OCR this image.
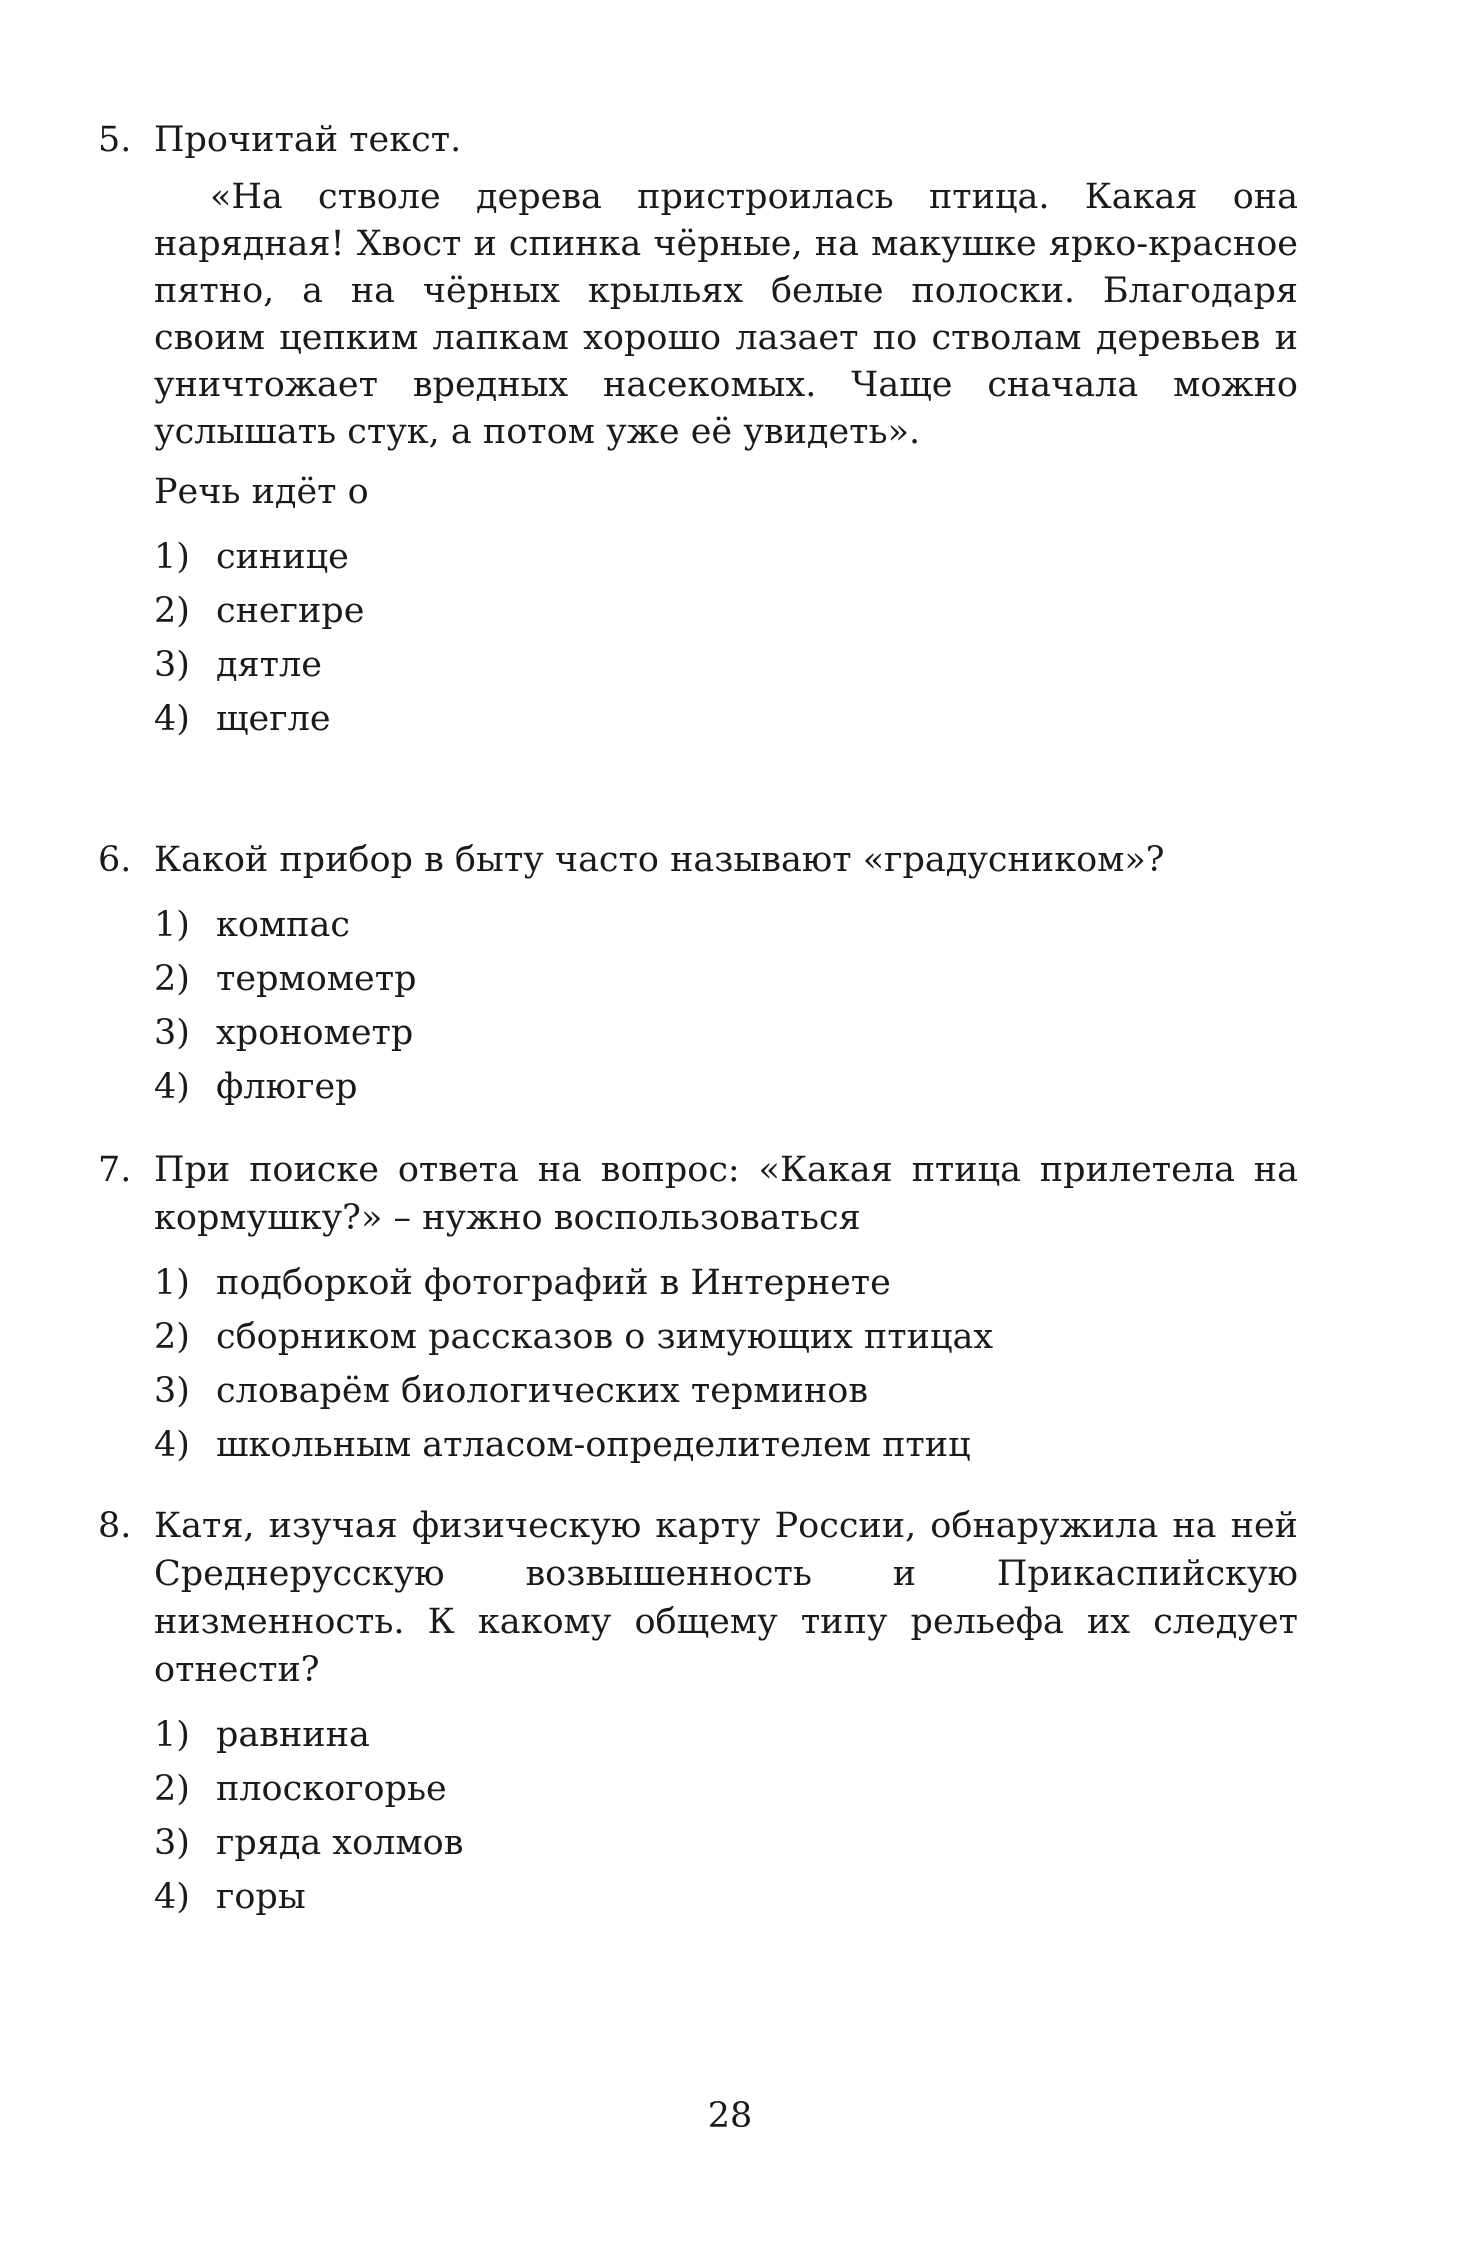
5. Прочитай текст.

«На стволе дерева пристроилась птица. Какая она нарядная! Хвост и спинка чёрные, на макушке ярко-красное пятно, а на чёрных крыльях белые полоски. Благодаря своим цепким лапкам хорошо лазает по стволам деревьев и уничтожает вредных насекомых. Чаще сначала можно услышать стук, а потом уже её увидеть».

Речь идёт о
1) синице
2) снегире
3) дятле
4) щегле
6. Какой прибор в быту часто называют «градусником»?
1) компас
2) термометр
3) хронометр
4) флюгер
7. При поиске ответа на вопрос: «Какая птица прилетела на кормушку?» – нужно воспользоваться
1) подборкой фотографий в Интернете
2) сборником рассказов о зимующих птицах
3) словарём биологических терминов
4) школьным атласом-определителем птиц
8. Катя, изучая физическую карту России, обнаружила на ней Среднерусскую возвышенность и Прикаспийскую низменность. К какому общему типу рельефа их следует отнести?
1) равнина
2) плоскогорье
3) гряда холмов
4) горы
28
